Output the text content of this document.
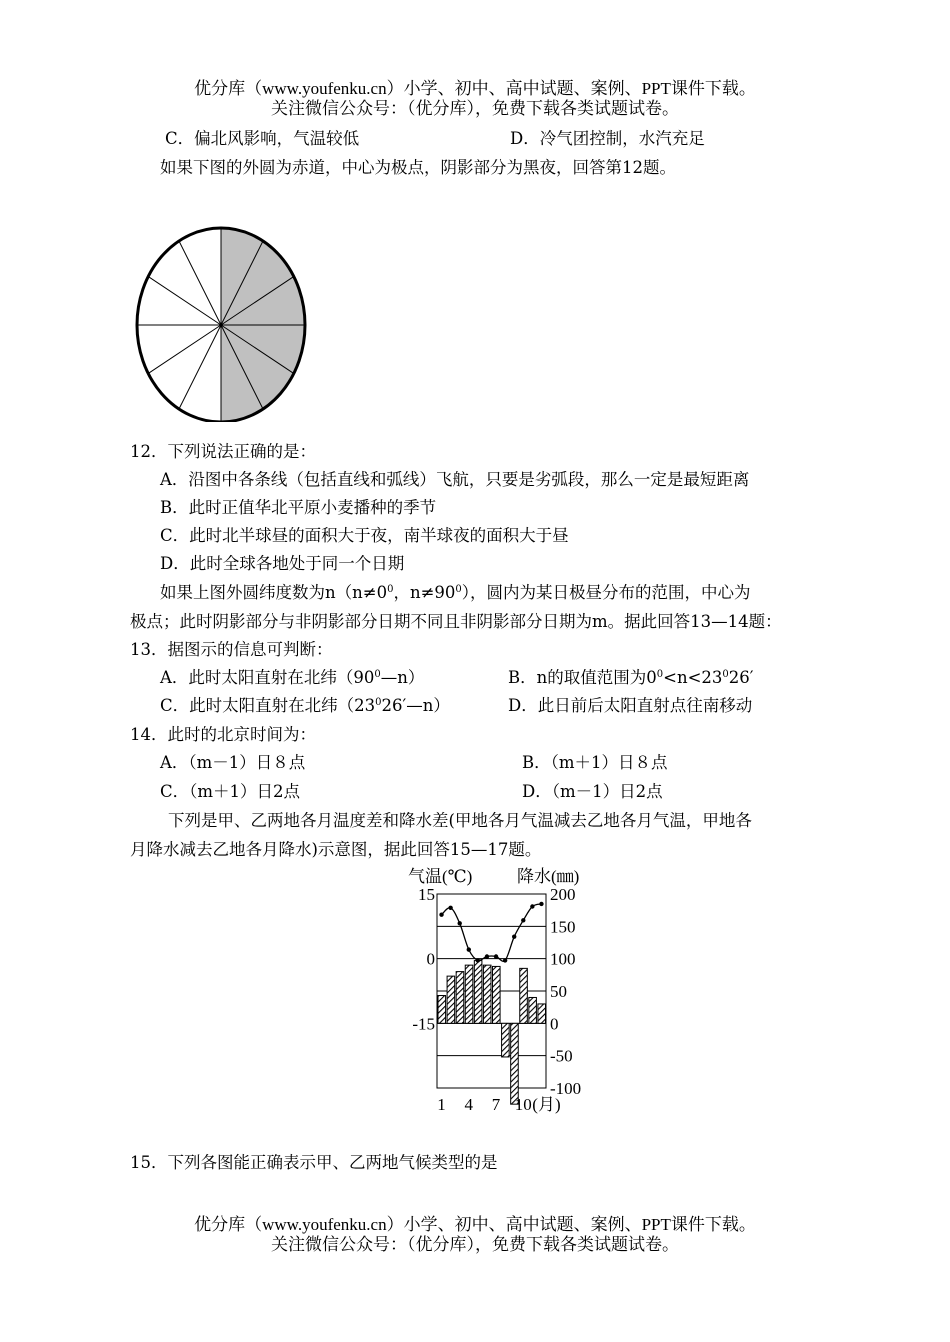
优分库（www.youfenku.cn）小学、初中、高中试题、案例、PPT课件下载。
关注微信公众号：（优分库），免费下载各类试题试卷。
C．偏北风影响，气温较低	D．冷气团控制，水汽充足
如果下图的外圆为赤道，中心为极点，阴影部分为黑夜，回答第12题。
12．下列说法正确的是：
A．沿图中各条线（包括直线和弧线）飞航，只要是劣弧段，那么一定是最短距离
B．此时正值华北平原小麦播种的季节
C．此时北半球昼的面积大于夜，南半球夜的面积大于昼
D．此时全球各地处于同一个日期
如果上图外圆纬度数为$n(n\ne 0^0$，$n\ne 90^0$），圆内为某日极昼分布的范围，中心为
极点；此时阴影部分与非阴影部分日期不同且非阴影部分日期为m。据此回答13—14题：
13．据图示的信息可判断：
A．此时太阳直射在北纬$(90^0—n)$	B．n的取值范围为$0^0<n<23^026'$
C．此时太阳直射在北纬$(23^026'—n)$	D．此日前后太阳直射点往南移动
14．此时的北京时间为：
A．（m－1）日８点	B．（m＋1）日８点
C．（m＋1）日2点	D．（m－1）日2点
下列是甲、乙两地各月温度差和降水差(甲地各月气温减去乙地各月气温，甲地各
月降水减去乙地各月降水)示意图，据此回答15—17题。
气温(℃)	降水(㎜)
15
0
-15
200
150
100
50
0
-50
-100
1 4 7 10 (月)
15．下列各图能正确表示甲、乙两地气候类型的是
优分库（www.youfenku.cn）小学、初中、高中试题、案例、PPT课件下载。
关注微信公众号：（优分库），免费下载各类试题试卷。
